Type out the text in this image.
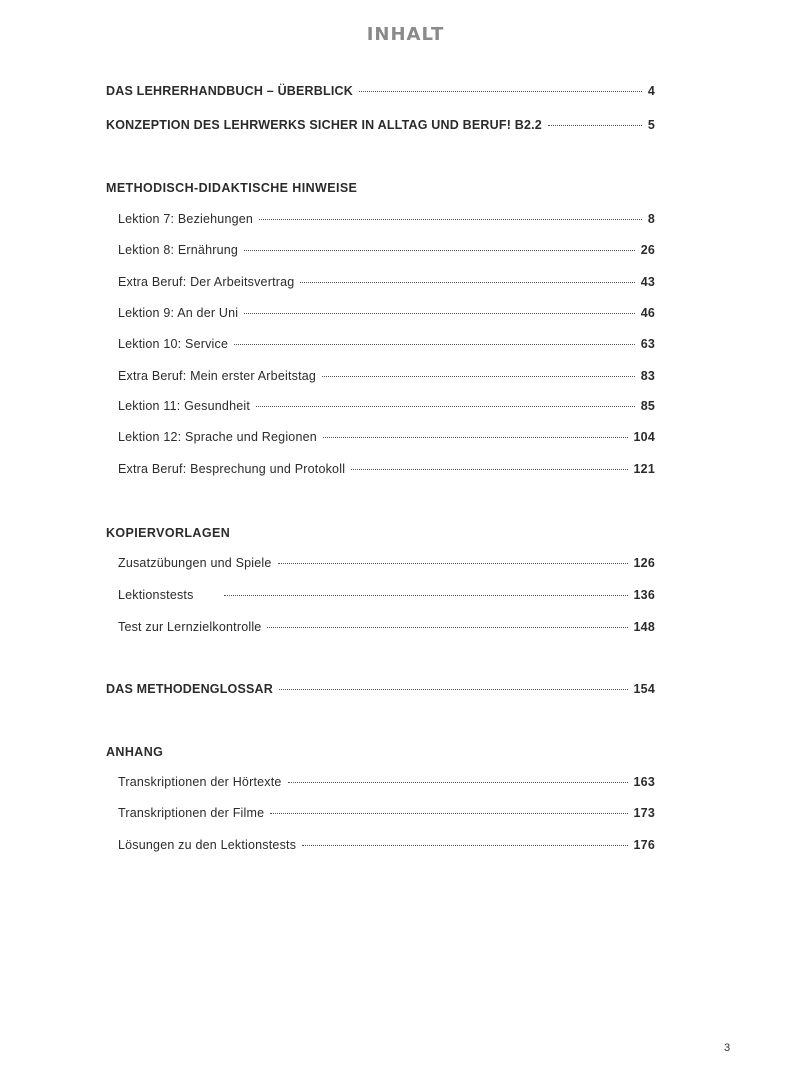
INHALT
DAS LEHRERHANDBUCH – ÜBERBLICK	4
KONZEPTION DES LEHRWERKS SICHER IN ALLTAG UND BERUF! B2.2	5
METHODISCH-DIDAKTISCHE HINWEISE
Lektion 7: Beziehungen	8
Lektion 8: Ernährung	26
Extra Beruf: Der Arbeitsvertrag	43
Lektion 9: An der Uni	46
Lektion 10: Service	63
Extra Beruf: Mein erster Arbeitstag	83
Lektion 11: Gesundheit	85
Lektion 12: Sprache und Regionen	104
Extra Beruf: Besprechung und Protokoll	121
KOPIERVORLAGEN
Zusatzübungen und Spiele	126
Lektionstests	136
Test zur Lernzielkontrolle	148
DAS METHODENGLOSSAR	154
ANHANG
Transkriptionen der Hörtexte	163
Transkriptionen der Filme	173
Lösungen zu den Lektionstests	176
3
